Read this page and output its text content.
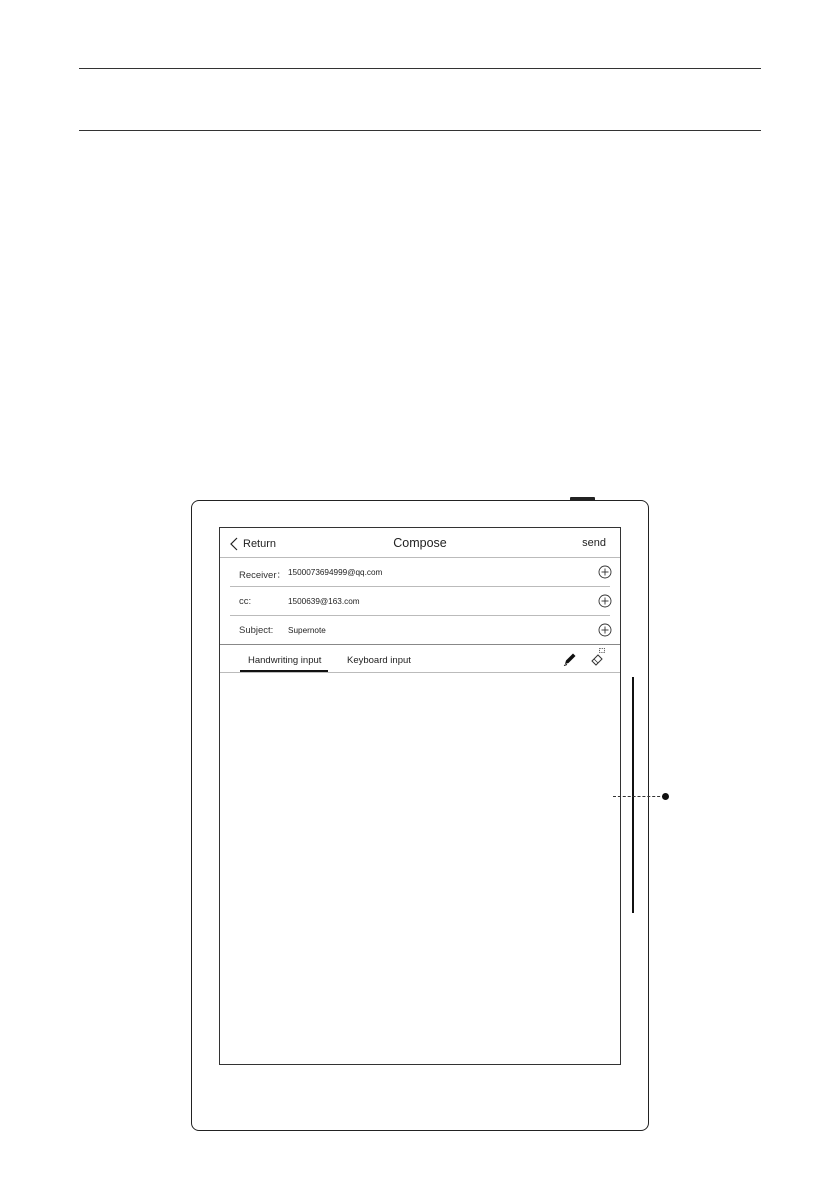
Return	Compose	send
Receiver： 1500073694999@qq.com
cc:	1500639@163.com
Subject: Supernote
Handwriting input	Keyboard input
